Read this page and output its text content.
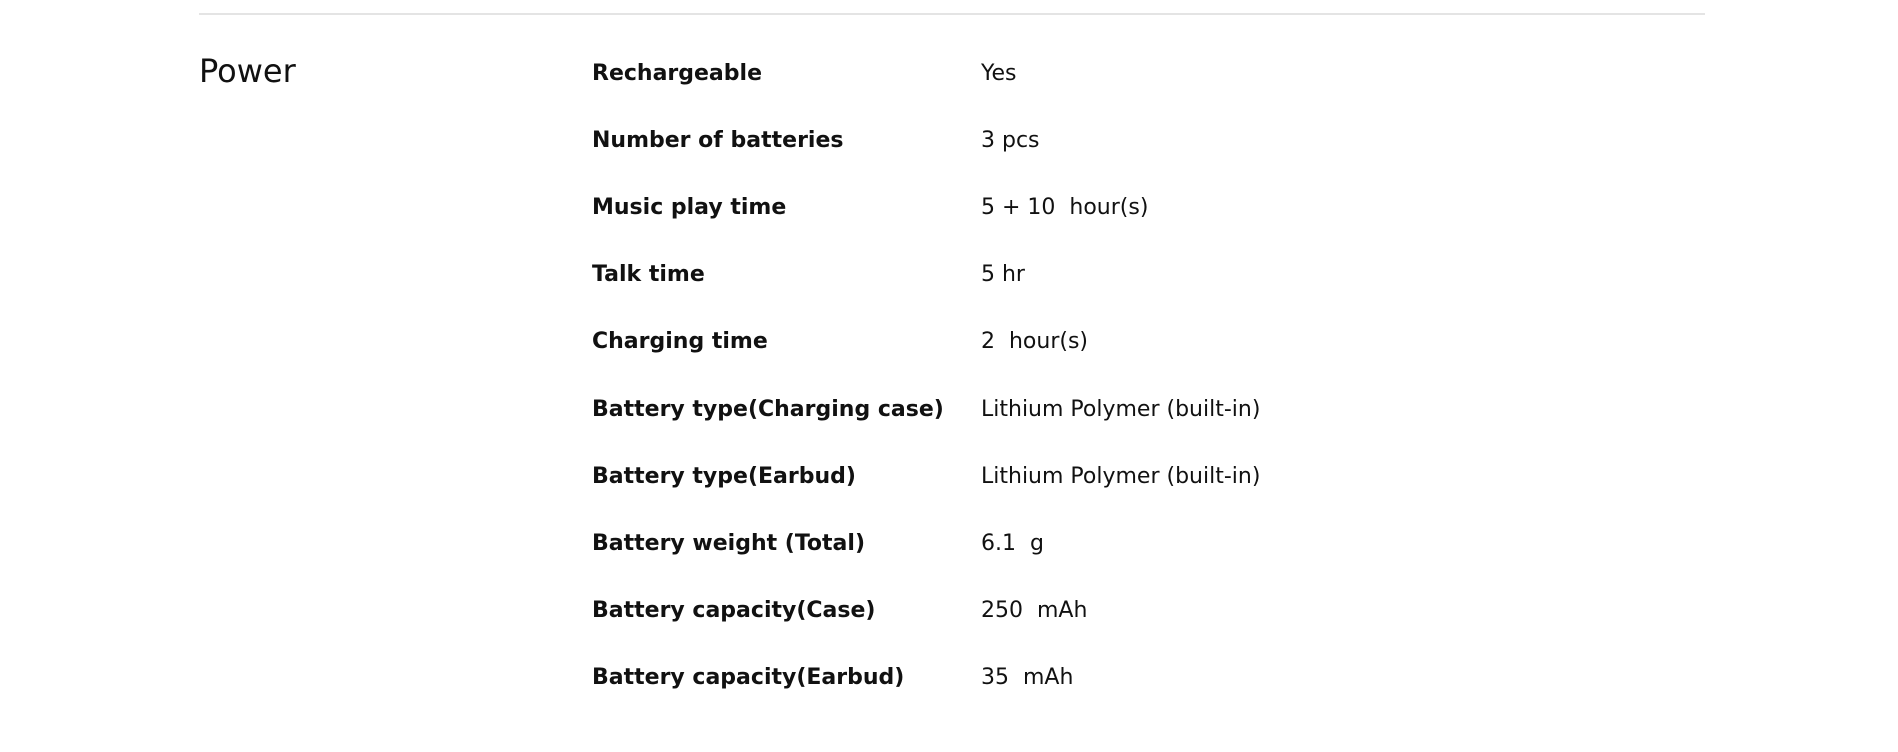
Power	Rechargeable	Yes
Number of batteries	3 pcs
Music play time	5 + 10  hour(s)
Talk time	5 hr
Charging time	2  hour(s)
Battery type(Charging case)	Lithium Polymer (built-in)
Battery type(Earbud)	Lithium Polymer (built-in)
Battery weight (Total)	6.1  g
Battery capacity(Case)	250  mAh
Battery capacity(Earbud)	35  mAh
